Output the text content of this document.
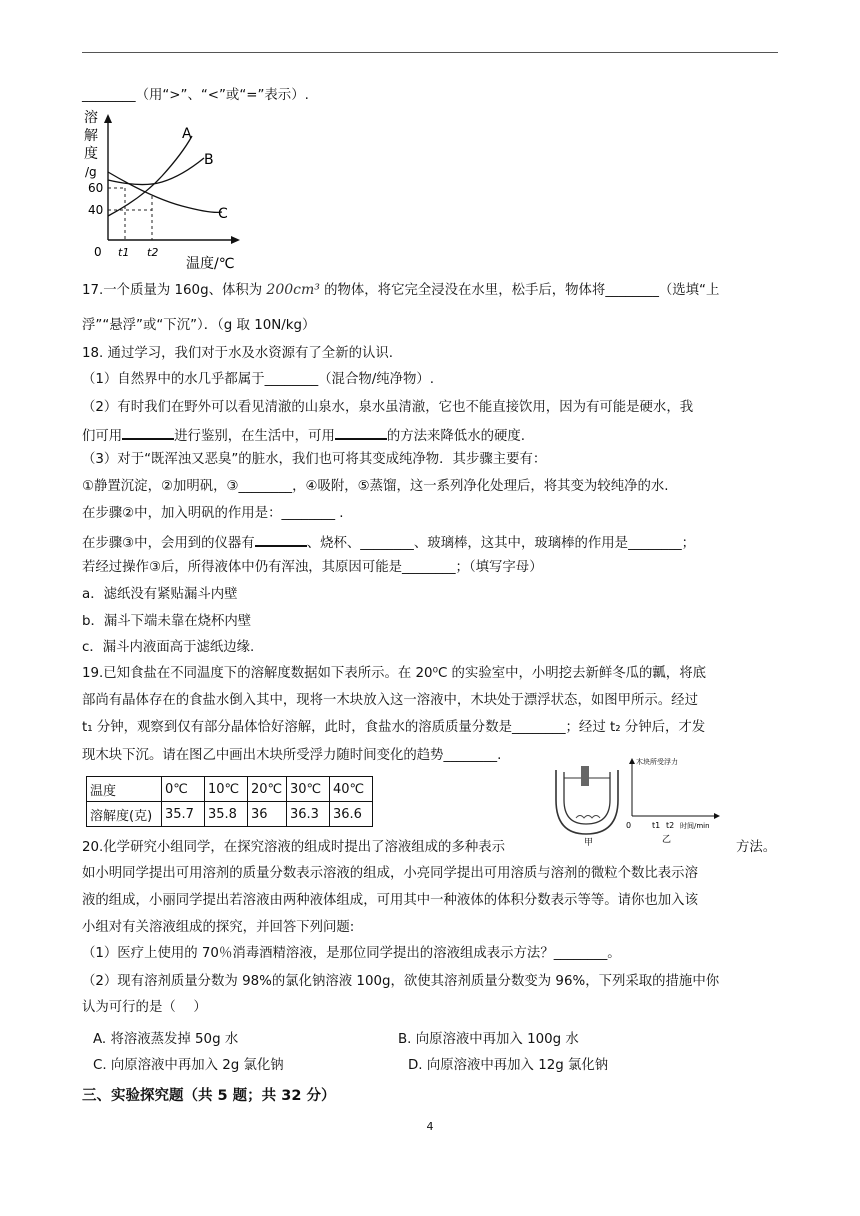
________（用“>”、“<”或“=”表示）.
溶
解
度
/g
60
40
0 t1 t2
温度/℃
A
B
C
17.一个质量为 160g、体积为 200cm³ 的物体，将它完全浸没在水里，松手后，物体将________（选填“上
浮”“悬浮”或“下沉”）．（g 取 10N/kg）
18. 通过学习，我们对于水及水资源有了全新的认识.
（1）自然界中的水几乎都属于________（混合物/纯净物）.
（2）有时我们在野外可以看见清澈的山泉水，泉水虽清澈，它也不能直接饮用，因为有可能是硬水，我
们可用	进行鉴别，在生活中，可用	的方法来降低水的硬度.
（3）对于“既浑浊又恶臭”的脏水，我们也可将其变成纯净物．其步骤主要有：
①静置沉淀，②加明矾，③________，④吸附，⑤蒸馏，这一系列净化处理后，将其变为较纯净的水.
在步骤②中，加入明矾的作用是：________ .
在步骤③中，会用到的仪器有	、烧杯、________、玻璃棒，这其中，玻璃棒的作用是________；
若经过操作③后，所得液体中仍有浑浊，其原因可能是________；（填写字母）
a．滤纸没有紧贴漏斗内壁
b．漏斗下端未靠在烧杯内壁
c．漏斗内液面高于滤纸边缘.
19.已知食盐在不同温度下的溶解度数据如下表所示。在 20⁰C 的实验室中，小明挖去新鲜冬瓜的瓤，将底
部尚有晶体存在的食盐水倒入其中，现将一木块放入这一溶液中，木块处于漂浮状态，如图甲所示。经过
t₁ 分钟，观察到仅有部分晶体恰好溶解，此时，食盐水的溶质质量分数是________；经过 t₂ 分钟后，才发
现木块下沉。请在图乙中画出木块所受浮力随时间变化的趋势________.
温度	0℃	10℃	20℃	30℃	40℃
溶解度(克)	35.7	35.8	36	36.3	36.6
甲
木块所受浮力
0	t1 t2 时间/min
乙
20.化学研究小组同学，在探究溶液的组成时提出了溶液组成的多种表示	方法。
如小明同学提出可用溶剂的质量分数表示溶液的组成，小亮同学提出可用溶质与溶剂的微粒个数比表示溶
液的组成，小丽同学提出若溶液由两种液体组成，可用其中一种液体的体积分数表示等等。请你也加入该
小组对有关溶液组成的探究，并回答下列问题:
（1）医疗上使用的 70％消毒酒精溶液，是那位同学提出的溶液组成表示方法？________。
（2）现有溶剂质量分数为 98%的氯化钠溶液 100g，欲使其溶剂质量分数变为 96%，下列采取的措施中你
认为可行的是（　 ）
A. 将溶液蒸发掉 50g 水	B. 向原溶液中再加入 100g 水
C. 向原溶液中再加入 2g 氯化钠	D. 向原溶液中再加入 12g 氯化钠
三、实验探究题（共 5 题；共 32 分）
4
